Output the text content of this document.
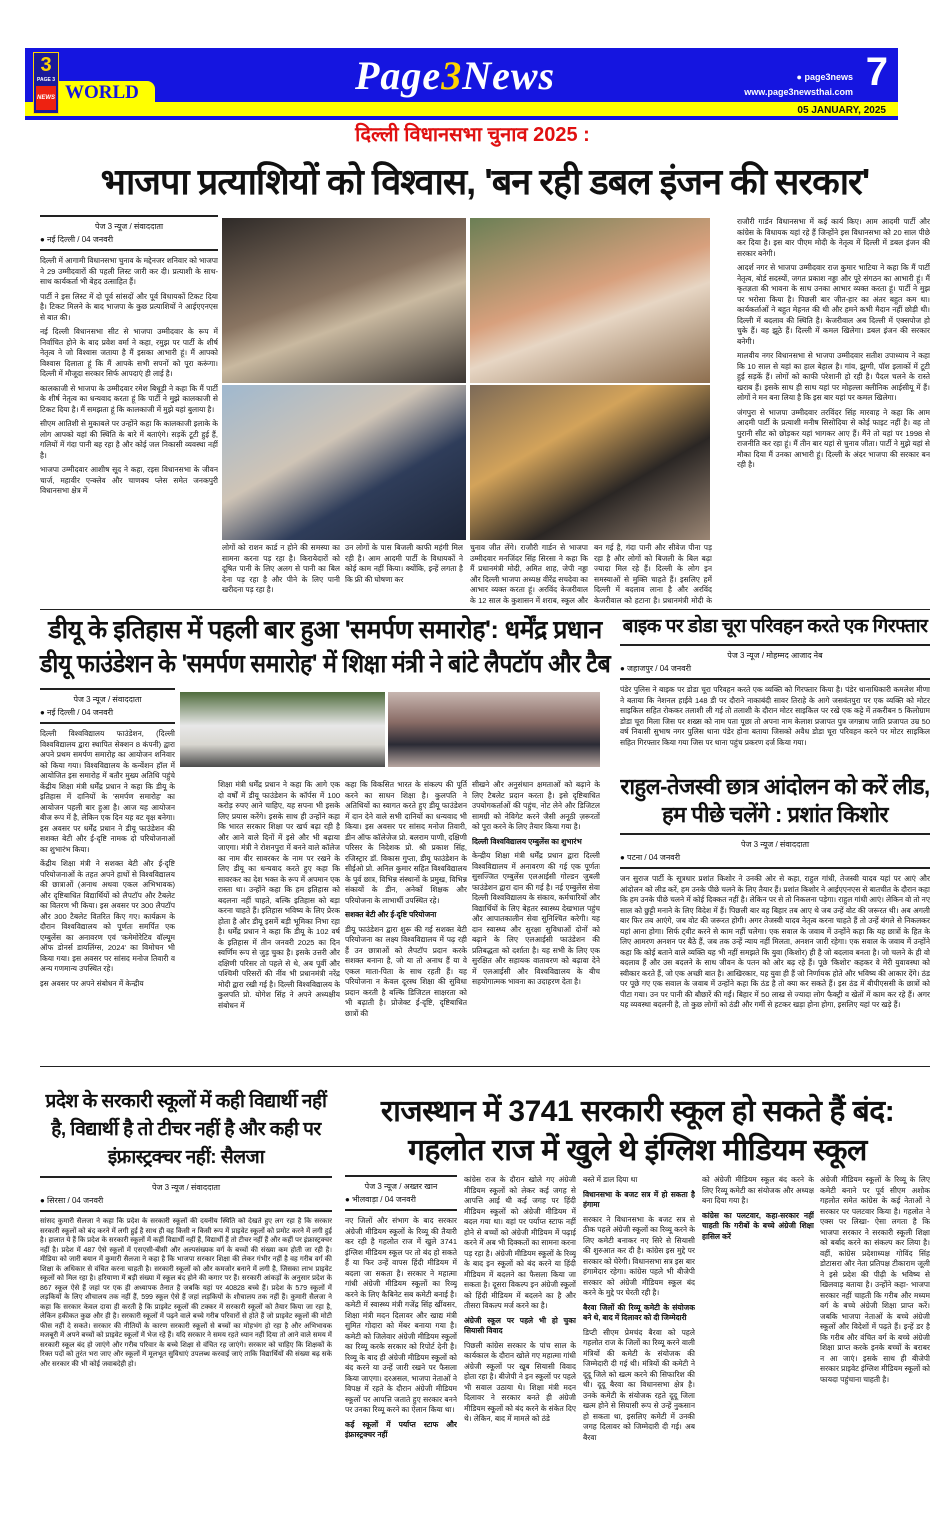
3
PAGE 3
NEWS WORLD	Page3News	● page3news
www.page3newsthai.com 7
05 JANUARY, 2025
दिल्ली विधानसभा चुनाव 2025 :
भाजपा प्रत्याशियों को विश्वास, 'बन रही डबल इंजन की सरकार'
पेज 3 न्यूज / संवाददाता
● नई दिल्ली / 04 जनवरी

दिल्ली में आगामी विधानसभा चुनाव के मद्देनजर शनिवार को भाजपा ने 29 उम्मीदवारों की पहली लिस्ट जारी कर दी। प्रत्याशी के साथ-साथ कार्यकर्ता भी बेहद उत्साहित हैं।

पार्टी ने इस लिस्ट में दो पूर्व सांसदों और पूर्व विधायकों टिकट दिया है। टिकट मिलने के बाद भाजपा के कुछ प्रत्याशियों ने आईएएनएस से बात की।

नई दिल्ली विधानसभा सीट से भाजपा उम्मीदवार के रूप में निर्वाचित होने के बाद प्रवेश वर्मा ने कहा, रमुझ पर पार्टी के शीर्ष नेतृत्व ने जो विश्वास जताया है मैं इसका आभारी हूं। मैं आपको विश्वास दिलाता हूं कि मैं आपके सभी सपनों को पूरा करूंगा। दिल्ली में मौजूदा सरकार सिर्फ आपदाएं ही लाई है।

कालकाजी से भाजपा के उम्मीदवार रमेश बिधूड़ी ने कहा कि मैं पार्टी के शीर्ष नेतृत्व का धन्यवाद करता हूं कि पार्टी ने मुझे कालकाजी से टिकट दिया है। मैं समझता हूं कि कालकाजी में मुझे यहां बुलाया है।

सीएम आतिशी से मुकाबले पर उन्होंने कहा कि कालकाजी इलाके के लोग आपको यहां की स्थिति के बारे में बताएंगे। सड़कें टूटी हुई हैं, गलियों में गंदा पानी बह रहा है और कोई जल निकासी व्यवस्था नहीं है।

भाजपा उम्मीदवार आशीष सूद ने कहा, रइस विधानसभा के जीवन चार्ज, महावीर एन्क्लेव और चाणक्य प्लेस समेत जनकपुरी विधानसभा क्षेत्र में

लोगों को राशन कार्ड न होने की समस्या का सामना करना पड़ रहा है। किरायेदारों को दूषित पानी के लिए अलग से पानी का बिल देना पड़ रहा है और पीने के लिए पानी खरीदना पड़ रहा है।
उन लोगों के पास बिजली काफी महंगी मिल रही है। आम आदमी पार्टी के विधायकों ने कोई काम नहीं किया। क्योंकि, इन्हें लगता है कि फ्री की घोषणा कर
चुनाव जीत लेंगे। राजौरी गार्डन से भाजपा उम्मीदवार मनजिंदर सिंह सिरसा ने कहा कि मैं प्रधानमंत्री मोदी, अमित शाह, जेपी नड्डा और दिल्ली भाजपा अध्यक्ष वीरेंद्र सचदेवा का आभार व्यक्त करता हूं। अरविंद केजरीवाल के 12 साल के कुशासन में शराब, स्कूल और
बन गई है, गंदा पानी और सीवेज पीना पड़ रहा है और लोगों को बिजली के बिल बढ़ा ज्यादा मिल रहे हैं। दिल्ली के लोग इन समस्याओं से मुक्ति चाहते हैं। इसलिए हमें दिल्ली में बदलाव लाना है और अरविंद केजरीवाल को हटाना है। प्रधानमंत्री मोदी के

राजौरी गार्डन विधानसभा में कई कार्य किए। आम आदमी पार्टी और कांग्रेस के विधायक यहां रहे हैं जिन्होंने इस विधानसभा को 20 साल पीछे कर दिया है। इस बार पीएम मोदी के नेतृत्व में दिल्ली में डबल इंजन की सरकार बनेगी।

आदर्श नगर से भाजपा उम्मीदवार राज कुमार भाटिया ने कहा कि मैं पार्टी नेतृत्व, बोर्ड सदस्यों, जगत प्रकाश नड्डा और पूरे संगठन का आभारी हूं। मैं कृतज्ञता की भावना के साथ उनका आभार व्यक्त करता हूं। पार्टी ने मुझ पर भरोसा किया है। पिछली बार जीत-हार का अंतर बहुत कम था। कार्यकर्ताओं ने बहुत मेहनत की थी और हमने कभी मैदान नहीं छोड़ी थी। दिल्ली में बदलाव की स्थिति है। केजरीवाल अब दिल्ली में एक्सपोज हो चुके हैं। वह झूठे हैं। दिल्ली में कमल खिलेगा। डबल इंजन की सरकार बनेगी।

मालवीय नगर विधानसभा से भाजपा उम्मीदवार सतीश उपाध्याय ने कहा कि 10 साल से यहां का हाल बेहाल है। गांव, झुग्गी, पॉश इलाकों में टूटी हुई सड़कें हैं। लोगों को काफी परेशानी हो रही है। पैदल चलने के रास्ते खराब हैं। इसके साथ ही साथ यहां पर मोहल्ला क्लीनिक आईसीयू में हैं। लोगों ने मन बना लिया है कि इस बार यहां पर कमल खिलेगा।

जंगपुरा से भाजपा उम्मीदवार तरविंदर सिंह मारवाह ने कहा कि आम आदमी पार्टी के प्रत्याशी मनीष सिसोदिया से कोई फाइट नहीं है। वह तो पुरानी सीट को छोड़कर यहां भागकर आए हैं। मैंने तो यहां पर 1998 से राजनीति कर रहा हूं। मैं तीन बार यहां से चुनाव जीता। पार्टी ने मुझे यहां से मौका दिया मैं उनका आभारी हूं। दिल्ली के अंदर भाजपा की सरकार बन रही है।

डीयू के इतिहास में पहली बार हुआ 'समर्पण समारोह': धर्मेंद्र प्रधान
डीयू फाउंडेशन के 'समर्पण समारोह' में शिक्षा मंत्री ने बांटे लैपटॉप और टैब
पेज 3 न्यूज / संवाददाता
● नई दिल्ली / 04 जनवरी

दिल्ली विश्वविद्यालय फाउंडेशन, (दिल्ली विश्वविद्यालय द्वारा स्थापित सेक्शन 8 कंपनी) द्वारा अपने प्रथम समर्पण समारोह का आयोजन शनिवार को किया गया। विश्वविद्यालय के कन्वेंशन हॉल में आयोजित इस समारोह में बतौर मुख्य अतिथि पहुंचे केंद्रीय शिक्षा मंत्री धर्मेंद्र प्रधान ने कहा कि डीयू के इतिहास में दानियों के 'समर्पण समारोह' का आयोजन पहली बार हुआ है। आज यह आयोजन बीज रूप में है, लेकिन एक दिन यह वट वृक्ष बनेगा। इस अवसर पर धर्मेंद्र प्रधान ने डीयू फाउंडेशन की सशक्त बेटी और ई-दृष्टि नामक दो परियोजनाओं का शुभारंभ किया।

केंद्रीय शिक्षा मंत्री ने सशक्त बेटी और ई-दृष्टि परियोजनाओं के तहत अपने हाथों से विश्वविद्यालय की छात्राओं (अनाथ अथवा एकल अभिभावक) और दृष्टिबाधित विद्यार्थियों को लैपटॉप और टैबलेट का वितरण भी किया। इस अवसर पर 300 लैपटॉप और 300 टैबलेट वितरित किए गए। कार्यक्रम के दौरान विश्वविद्यालय को पूर्णतः समर्पित एक एम्बुलेंस का अनावरण एवं 'कमेमोरेटिव वॉल्यूम ऑफ डोनर्स डायलिंग्स, 2024' का विमोचन भी किया गया। इस अवसर पर सांसद मनोज तिवारी व अन्य गणमान्य उपस्थित रहे।

इस अवसर पर अपने संबोधन में केन्द्रीय

शिक्षा मंत्री धर्मेंद्र प्रधान ने कहा कि आगे एक दो वर्षों में डीयू फाउंडेशन के कॉर्पस में 100 करोड़ रुपए आने चाहिए, यह सपना भी इसके लिए प्रयास करेंगे। इसके साथ ही उन्होंने कहा कि भारत सरकार शिक्षा पर खर्च बढ़ा रही है और आने वाले दिनों में इसे और भी बढ़ाया जाएगा। मंत्री ने रोशनपुरा में बनने वाले कॉलेज का नाम वीर सावरकर के नाम पर रखने के लिए डीयू का धन्यवाद करते हुए कहा कि सावरकर का देश भक्त के रूप में अपमान एक रास्ता था। उन्होंने कहा कि हम इतिहास को बदलना नहीं चाहते, बल्कि इतिहास को बड़ा करना चाहते हैं। इतिहास भविष्य के लिए प्रेरक होता है और डीयू इसमें बड़ी भूमिका निभा रहा है। धर्मेंद्र प्रधान ने कहा कि डीयू के 102 वर्ष के इतिहास में तीन जनवरी 2025 का दिन स्वर्णिम रूप से जुड़ चुका है। इसके उत्तरी और दक्षिणी परिसर तो पहले से थे, अब पूर्वी और पश्चिमी परिसरों की नींव भी प्रधानमंत्री नरेंद्र मोदी द्वारा रखी गई है। दिल्ली विश्वविद्यालय के कुलपति प्रो. योगेश सिंह ने अपने अध्यक्षीय संबोधन में

कहा कि विकसित भारत के संकल्प की पूर्ति करने का साधन शिक्षा है। कुलपति ने अतिथियों का स्वागत करते हुए डीयू फाउंडेशन में दान देने वाले सभी दानियों का धन्यवाद भी किया। इस अवसर पर सांसद मनोज तिवारी, डीन ऑफ कॉलेजेज प्रो. बलराम पाणी, दक्षिणी परिसर के निदेशक प्रो. श्री प्रकाश सिंह, रजिस्ट्रार डॉ. विकास गुप्ता, डीयू फाउंडेशन के सीईओ प्रो. अनिल कुमार सहित विश्वविद्यालय के पूर्व छात्र, विभिन्न संस्थानों के प्रमुख, विभिन्न संकायों के डीन, अनेकों शिक्षक और परियोजना के लाभार्थी उपस्थित रहे।

सशक्त बेटी और ई-दृष्टि परियोजना

डीयू फाउंडेशन द्वारा शुरू की गई सशक्त बेटी परियोजना का लक्ष्य विश्वविद्यालय में पढ़ रही हैं उन छात्राओं को लैपटॉप प्रदान करके सशक्त बनाना है, जो या तो अनाथ हैं या वे एकल माता-पिता के साथ रहती हैं। यह परियोजना न केवल दूरस्थ शिक्षा की सुविधा प्रदान करती है बल्कि डिजिटल साक्षरता को भी बढ़ाती है। प्रोजेक्ट ई-दृष्टि, दृष्टिबाधित छात्रों की

सीखने और अनुसंधान क्षमताओं को बढ़ाने के लिए टैबलेट प्रदान करता है। इसे दृष्टिबाधित उपयोगकर्ताओं की पहुंच, नोट लेने और डिजिटल सामग्री को नेविगेट करने जैसी अनूठी ज़रूरतों को पूरा करने के लिए तैयार किया गया है।

दिल्ली विश्वविद्यालय एम्बुलेंस का शुभारंभ

केन्द्रीय शिक्षा मंत्री धर्मेंद्र प्रधान द्वारा दिल्ली विश्वविद्यालय में अनावरण की गई एक पूर्णतः सुसज्जित एम्बुलेंस एलआईसी गोल्डन जुबली फाउंडेशन द्वारा दान की गई है। नई एम्बुलेंस सेवा दिल्ली विश्वविद्यालय के संकाय, कर्मचारियों और विद्यार्थियों के लिए बेहतर स्वास्थ्य देखभाल पहुंच और आपातकालीन सेवा सुनिश्चित करेगी। यह दान स्वास्थ्य और सुरक्षा सुविधाओं दोनों को बढ़ाने के लिए एलआईसी फाउंडेशन की प्रतिबद्धता को दर्शाता है। यह सभी के लिए एक सुरक्षित और सहायक वातावरण को बढ़ावा देने में एलआईसी और विश्वविद्यालय के बीच सहयोगात्मक भावना का उदाहरण देता है।

बाइक पर डोडा चूरा परिवहन करते एक गिरफ्तार
पेज 3 न्यूज / मोहम्मद आजाद नेब
● जहाजपुर / 04 जनवरी
पंडेर पुलिस ने बाइक पर डोडा चूरा परिवहन करते एक व्यक्ति को गिरफ्तार किया है। पंडेर थानाधिकारी कमलेश मीणा ने बताया कि नेशनल हाईवे 148 डी पर दौराने नाकाबंदी सावर तिराहे के आगे जसवंतपुरा पर एक व्यक्ति को मोटर साइकिल सहित रोककर तलाशी ली गई तो तलाशी के दौरान मोटर साइकिल पर रखे एक कट्टे में तकरीबन 5 किलोग्राम डोडा चूरा मिला जिस पर शख्स को नाम पता पूछा तो अपना नाम केलाश प्रजापत पुत्र जगन्नाथ जाति प्रजापत उम्र 50 वर्ष निवासी सुभाष नगर पुलिस थाना पंडेर होना बताया जिसको अवैध डोडा चूरा परिवहन करने पर मोटर साइकिल सहित गिरफ्तार किया गया जिस पर थाना पहुंच प्रकरण दर्ज किया गया।
राहुल-तेजस्वी छात्र आंदोलन को करें लीड, हम पीछे चलेंगे : प्रशांत किशोर
पेज 3 न्यूज / संवाददाता
● पटना / 04 जनवरी
जन सुराज पार्टी के सूत्रधार प्रशांत किशोर ने उनकी ओर से कहा, राहुल गांधी, तेजस्वी यादव यहां पर आएं और आंदोलन को लीड करें, हम उनके पीछे चलने के लिए तैयार हैं। प्रशांत किशोर ने आईएएनएस से बातचीत के दौरान कहा कि हम उनके पीछे चलने में कोई दिक्कत नहीं है। लेकिन पर से तो निकलना पड़ेगा। राहुल गांधी आएं। लेकिन वो तो नए साल को छुट्टी मनाने के लिए विदेश में हैं। पिछली बार वह बिहार तब आए थे जब उन्हें वोट की जरूरत थी। अब अगली बार फिर तब आएंगे, जब वोट की जरूरत होगी। अगर तेजस्वी यादव नेतृत्व करना चाहते हैं तो उन्हें बंगले से निकलकर यहां आना होगा। सिर्फ ट्वीट करने से काम नहीं चलेगा। एक सवाल के जवाब में उन्होंने कहा कि यह छात्रों के हित के लिए आमरण अनशन पर बैठे हैं, जब तक उन्हें न्याय नहीं मिलता, अनशन जारी रहेगा। एक सवाल के जवाब में उन्होंने कहा कि कोई बताने वाले व्यक्ति यह भी नहीं समझते कि युवा (किशोर) ही है जो बदलाव बनता है। जो चलने के ही वो बदलाव हैं और उस बदलने के साथ जीवन के पतन को ओर बढ़ रहे हैं। पूछे 'किशोर' कहकर वे मेरी युवावस्था को स्वीकार करते हैं, जो एक अच्छी बात है। आखिरकार, यह युवा ही हैं जो निर्णायक होते और भविष्य की आकार देंगे। ठंड पर पूछे गए एक सवाल के जवाब में उन्होंने कहा कि ठंड है तो क्या कर सकते हैं। इस ठंड में बीपीएससी के छात्रों को पीटा गया। उन पर पानी की बौछारें की गईं। बिहार में 50 लाख से ज्यादा लोग फैक्ट्री व खेतों में काम कर रहे हैं। अगर यह व्यवस्था बदलनी है, तो कुछ लोगों को ठंडी और गर्मी से हटकर खड़ा होना होगा, इसलिए यहां पर खड़े हैं।
प्रदेश के सरकारी स्कूलों में कही विद्यार्थी नहीं है, विद्यार्थी है तो टीचर नहीं है और कही पर इंफ्रास्ट्रक्चर नहीं: सैलजा
पेज 3 न्यूज / संवाददाता
● सिरसा / 04 जनवरी
सांसद कुमारी सैलजा ने कहा कि प्रदेश के सरकारी स्कूलों की दयनीय स्थिति को देखते हुए लग रहा है कि सरकार सरकारी स्कूलों को बंद करने में लगी हुई है साथ ही वह किसी न किसी रूप में प्राइवेट स्कूलों को प्रमोट करने में लगी हुई है। हालात ये हैं कि प्रदेश के सरकारी स्कूलों में कहीं विद्यार्थी नहीं हैं, विद्यार्थी हैं तो टीचर नहीं हैं और कहीं पर इंफ्रास्ट्रक्चर नहीं है। प्रदेश में 487 ऐसे स्कूलों में एसएसी-बीसी और अल्पसंख्यक वर्ग के बच्चों की संख्या कम होती जा रही है। मीडिया को जारी बयान में कुमारी सैलजा ने कहा है कि भाजपा सरकार शिक्षा की लेकर गंभीर नहीं है वह गरीब वर्ग की शिक्षा के अधिकार से वंचित करना चाहती है। सरकारी स्कूलों को और कमजोर बनाने में लगी है, जिसका लाभ प्राइवेट स्कूलों को मिल रहा है। हरियाणा में बड़ी संख्या में स्कूल बंद होने की कगार पर हैं। सरकारी आंकड़ों के अनुसार प्रदेश के 867 स्कूल ऐसे हैं जहां पर एक ही अध्यापक तैनात है जबकि यहां पर 40828 बच्चे हैं। प्रदेश के 579 स्कूलों में लड़कियों के लिए शौचालय तक नहीं हैं, 599 स्कूल ऐसे हैं जहां लड़कियों के शौचालय तक नहीं हैं। कुमारी सैलजा ने कहा कि सरकार केवल दावा ही करती है कि प्राइवेट स्कूलों की टक्कर में सरकारी स्कूलों को तैयार किया जा रहा है, लेकिन हकीकत कुछ और ही है। सरकारी स्कूलों में पढ़ने वाले बच्चे गरीब परिवारों से होते हैं जो प्राइवेट स्कूलों की मोटी फीस नहीं दे सकते। सरकार की नीतियों के कारण सरकारी स्कूलों से बच्चों का मोहभंग हो रहा है और अभिभावक मजबूरी में अपने बच्चों को प्राइवेट स्कूलों में भेज रहे हैं। यदि सरकार ने समय रहते ध्यान नहीं दिया तो आने वाले समय में सरकारी स्कूल बंद हो जाएंगे और गरीब परिवार के बच्चे शिक्षा से वंचित रह जाएंगे। सरकार को चाहिए कि शिक्षकों के रिक्त पदों को तुरंत भरा जाए और स्कूलों में मूलभूत सुविधाएं उपलब्ध करवाई जाएं ताकि विद्यार्थियों की संख्या बढ़ सके और सरकार की भी कोई जवाबदेही हो।
राजस्थान में 3741 सरकारी स्कूल हो सकते हैं बंद:
गहलोत राज में खुले थे इंग्लिश मीडियम स्कूल
पेज 3 न्यूज / अख्तर खान
● भीलवाड़ा / 04 जनवरी

नए जिलों और संभाग के बाद सरकार अंग्रेजी मीडियम स्कूलों के रिव्यू की तैयारी कर रही है गहलोत राज में खुले 3741 इंग्लिश मीडियम स्कूल पर तो बंद हो सकते हैं या फिर उन्हें वापस हिंदी मीडियम में बदला जा सकता है। सरकार ने महात्मा गांधी अंग्रेजी मीडियम स्कूलों का रिव्यू करने के लिए कैबिनेट सब कमेटी बनाई है। कमेटी में स्वास्थ्य मंत्री गजेंद्र सिंह खींवसर, शिक्षा मंत्री मदन दिलावर और खाद्य मंत्री सुमित गोदारा को मेंबर बनाया गया है। कमेटी को जिलेवार अंग्रेजी मीडियम स्कूलों का रिव्यू करके सरकार को रिपोर्ट देनी है। रिव्यू के बाद ही अंग्रेजी मीडियम स्कूलों को बंद करने या उन्हें जारी रखने पर फैसला किया जाएगा। दरअसल, भाजपा नेताओं ने विपक्ष में रहते के दौरान अंग्रेजी मीडियम स्कूलों पर आपत्ति जताते हुए सरकार बनने पर उनका रिव्यू करने का ऐलान किया था।

कई स्कूलों में पर्याप्त स्टाफ और इंफ्रास्ट्रक्चर नहीं

कांग्रेस राज के दौरान खोले गए अंग्रेजी मीडियम स्कूलों को लेकर कई जगह से आपत्ति आई थी कई जगह पर हिंदी मीडियम स्कूलों को अंग्रेजी मीडियम में बदल गया था। वहां पर पर्याप्त स्टाफ नहीं होने से बच्चों को अंग्रेजी मीडियम में पढ़ाई करने में अब भी दिक्कतों का सामना करना पड़ रहा है। अंग्रेजी मीडियम स्कूलों के रिव्यू के बाद इन स्कूलों को बंद करने या हिंदी मीडियम में बदलने का फैसला किया जा सकता है। दूसरा विकल्प इन अंग्रेजी स्कूलों को हिंदी मीडियम में बदलने का है और तीसरा विकल्प मर्ज करने का है।

अंग्रेजी स्कूल पर पहले भी हो चुका सियासी विवाद

पिछली कांग्रेस सरकार के पांच साल के कार्यकाल के दौरान खोले गए महात्मा गांधी अंग्रेजी स्कूलों पर खूब सियासी विवाद होता रहा है। बीजेपी ने इन स्कूलों पर पहले भी सवाल उठाया थे। शिक्षा मंत्री मदन दिलावर ने सरकार बनते ही अंग्रेजी मीडियम स्कूलों को बंद करने के संकेत दिए थे। लेकिन, बाद में मामले को ठंडे

बस्ते में डाल दिया था

विधानसभा के बजट सत्र में हो सकता है हंगामा

सरकार ने विधानसभा के बजट सत्र से ठीक पहले अंग्रेजी स्कूलों का रिव्यू करने के लिए कमेटी बनाकर नए सिरे से सियासी की शुरुआत कर दी है। कांग्रेस इस मुद्दे पर सरकार को घेरेगी। विधानसभा सत्र इस बार हंगामेदार रहेगा। कांग्रेस पहले भी बीजेपी सरकार को अंग्रेजी मीडियम स्कूल बंद करने के मुद्दे पर घेरती रही है।

बैरवा जिलों की रिव्यू कमेटी के संयोजक बने थे, बाद में दिलावर को दी जिम्मेदारी

डिप्टी सीएम प्रेमचंद बैरवा को पहले गहलोत राज के जिलों का रिव्यू करने वाली मंत्रियों की कमेटी के संयोजक की जिम्मेदारी दी गई थी। मंत्रियों की कमेटी ने दूदू जिले को खत्म करने की सिफारिश की थी। दूदू बैरवा का विधानसभा क्षेत्र है। उनके कमेटी के संयोजक रहते दूदू जिला खत्म होने से सियासी रूप से उन्हें नुकसान हो सकता था, इसलिए कमेटी में उनकी जगह दिलावर को जिम्मेदारी दी गई। अब बैरवा

को अंग्रेजी मीडियम स्कूल बंद करने के लिए रिव्यू कमेटी का संयोजक और अध्यक्ष बना दिया गया है।

कांग्रेस का पलटवार, कहा-सरकार नहीं चाहती कि गरीबों के बच्चे अंग्रेजी शिक्षा हासिल करें

अंग्रेजी मीडियम स्कूलों के रिव्यू के लिए कमेटी बनाने पर पूर्व सीएम अशोक गहलोत समेत कांग्रेस के कई नेताओं ने सरकार पर पलटवार किया है। गहलोत ने एक्स पर लिखा- ऐसा लगता है कि भाजपा सरकार ने सरकारी स्कूली शिक्षा को बर्बाद करने का संकल्प कर लिया है। वहीं, कांग्रेस प्रदेशाध्यक्ष गोविंद सिंह डोटासरा और नेता प्रतिपक्ष टीकाराम जूली ने इसे प्रदेश की पीढ़ी के भविष्य से खिलवाड़ बताया है। उन्होंने कहा- भाजपा सरकार नहीं चाहती कि गरीब और मध्यम वर्ग के बच्चे अंग्रेजी शिक्षा प्राप्त करें। जबकि भाजपा नेताओं के बच्चे अंग्रेजी स्कूलों और विदेशों में पढ़ते हैं। इन्हें डर है कि गरीब और वंचित वर्ग के बच्चे अंग्रेजी शिक्षा प्राप्त करके इनके बच्चों के बराबर न आ जाएं। इसके साथ ही बीजेपी सरकार प्राइवेट इंग्लिश मीडियम स्कूलों को फायदा पहुंचाना चाहती है।
